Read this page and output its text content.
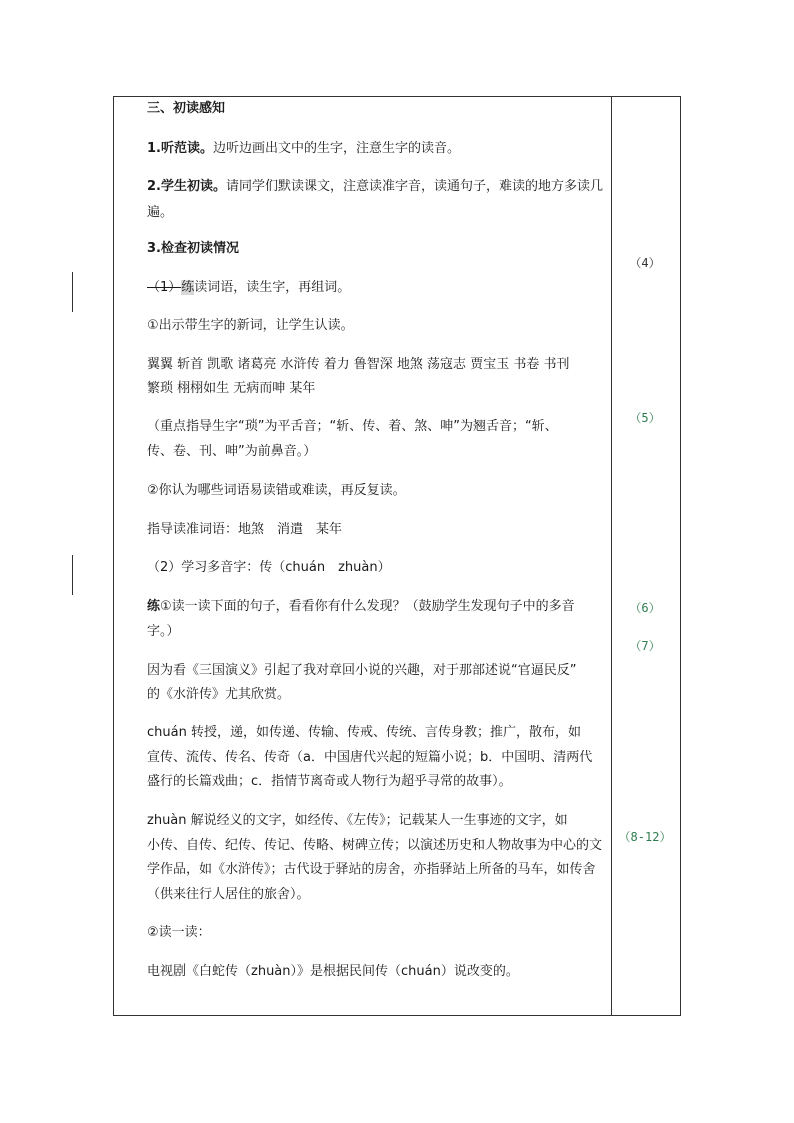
三、初读感知
1.听范读。边听边画出文中的生字，注意生字的读音。
2.学生初读。请同学们默读课文，注意读准字音，读通句子，难读的地方多读几遍。
3.检查初读情况
（1）练读词语，读生字，再组词。
①出示带生字的新词，让学生认读。
翼翼 斩首 凯歌 诸葛亮 水浒传 着力 鲁智深 地煞 荡寇志 贾宝玉 书卷 书刊
繁琐 栩栩如生 无病而呻 某年
（重点指导生字“琐”为平舌音；“斩、传、着、煞、呻”为翘舌音；“斩、
传、卷、刊、呻”为前鼻音。）
②你认为哪些词语易读错或难读，再反复读。
指导读准词语：地煞　消遣　某年
（2）学习多音字：传（chuán　zhuàn）
练①读一读下面的句子，看看你有什么发现？（鼓励学生发现句子中的多音
字。）
因为看《三国演义》引起了我对章回小说的兴趣，对于那部述说“官逼民反”
的《水浒传》尤其欣赏。
chuán 转授，递，如传递、传输、传戒、传统、言传身教；推广，散布，如
宣传、流传、传名、传奇（a．中国唐代兴起的短篇小说；b．中国明、清两代
盛行的长篇戏曲；c．指情节离奇或人物行为超乎寻常的故事）。
zhuàn 解说经义的文字，如经传、《左传》；记载某人一生事迹的文字，如
小传、自传、纪传、传记、传略、树碑立传；以演述历史和人物故事为中心的文
学作品，如《水浒传》；古代设于驿站的房舍，亦指驿站上所备的马车，如传舍
（供来往行人居住的旅舍）。
②读一读：
电视剧《白蛇传（zhuàn）》是根据民间传（chuán）说改变的。
（4）
（5）
（6）
（7）
（8-12）
